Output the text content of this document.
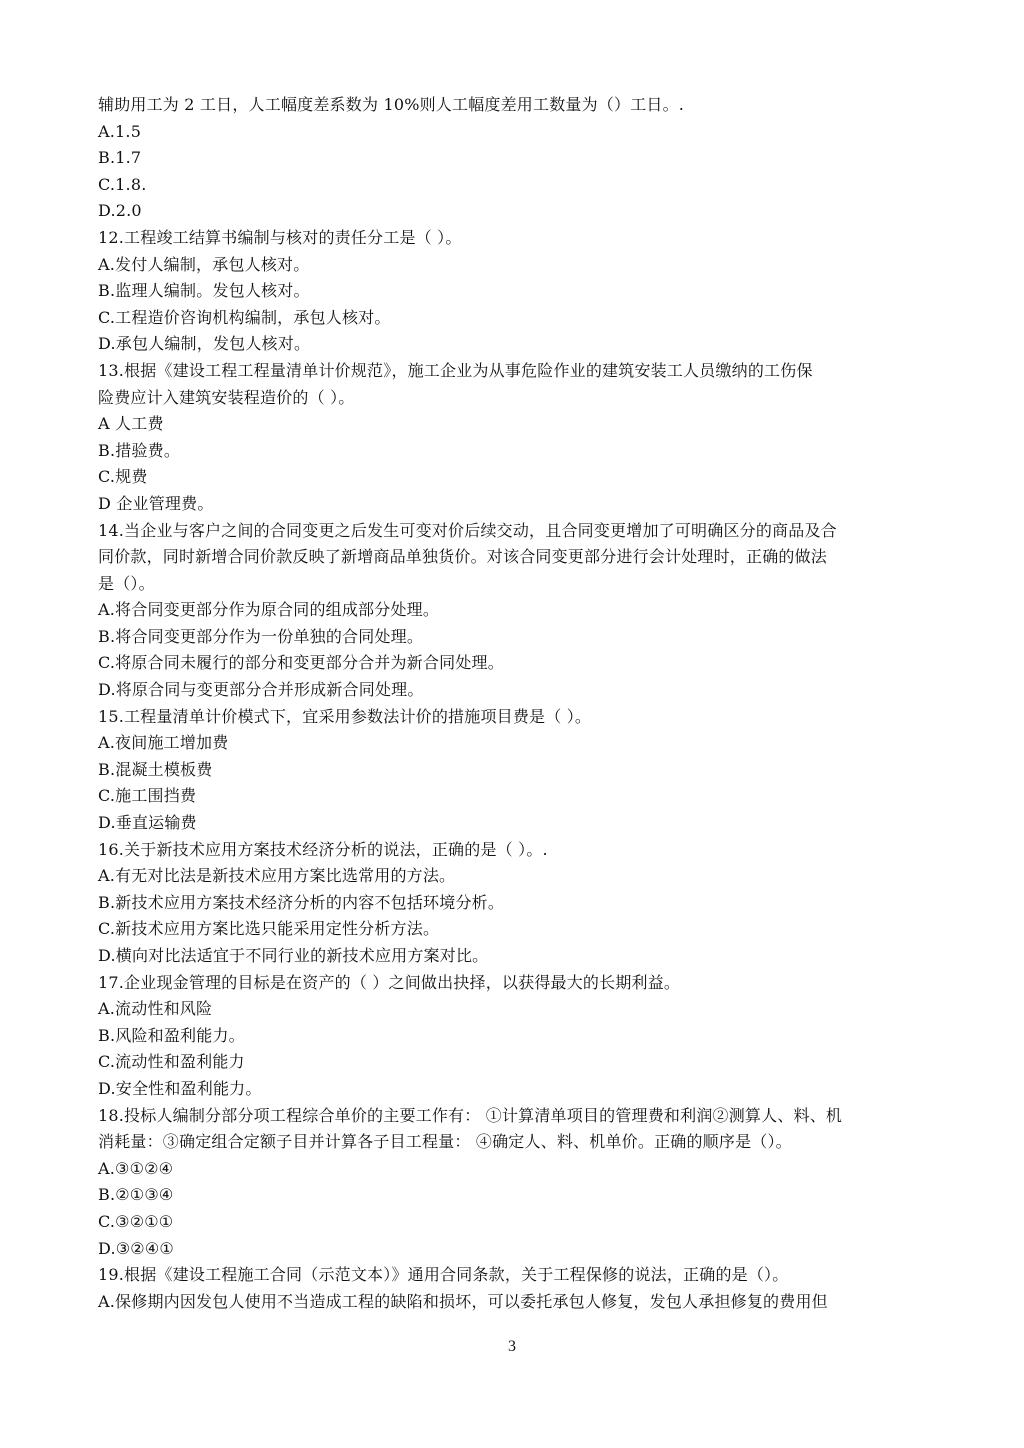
辅助用工为 2 工日，人工幅度差系数为 10%则人工幅度差用工数量为（）工日。.
A.1.5
B.1.7
C.1.8.
D.2.0
12.工程竣工结算书编制与核对的责任分工是（ ）。
A.发付人编制，承包人核对。
B.监理人编制。发包人核对。
C.工程造价咨询机构编制，承包人核对。
D.承包人编制，发包人核对。
13.根据《建设工程工程量清单计价规范》，施工企业为从事危险作业的建筑安装工人员缴纳的工伤保
险费应计入建筑安装程造价的（ ）。
A 人工费
B.措验费。
C.规费
D 企业管理费。
14.当企业与客户之间的合同变更之后发生可变对价后续交动，且合同变更增加了可明确区分的商品及合
同价款，同时新增合同价款反映了新增商品单独货价。对该合同变更部分进行会计处理时，正确的做法
是（）。
A.将合同变更部分作为原合同的组成部分处理。
B.将合同变更部分作为一份单独的合同处理。
C.将原合同未履行的部分和变更部分合并为新合同处理。
D.将原合同与变更部分合并形成新合同处理。
15.工程量清单计价模式下，宜采用参数法计价的措施项目费是（ ）。
A.夜间施工增加费
B.混凝土模板费
C.施工围挡费
D.垂直运输费
16.关于新技术应用方案技术经济分析的说法，正确的是（ ）。.
A.有无对比法是新技术应用方案比选常用的方法。
B.新技术应用方案技术经济分析的内容不包括环境分析。
C.新技术应用方案比选只能采用定性分析方法。
D.横向对比法适宜于不同行业的新技术应用方案对比。
17.企业现金管理的目标是在资产的（ ）之间做出抉择，以获得最大的长期利益。
A.流动性和风险
B.风险和盈利能力。
C.流动性和盈利能力
D.安全性和盈利能力。
18.投标人编制分部分项工程综合单价的主要工作有： ①计算清单项目的管理费和利润②测算人、料、机
消耗量：③确定组合定额子目并计算各子目工程量： ④确定人、料、机单价。正确的顺序是（）。
A.③①②④
B.②①③④
C.③②①①
D.③②④①
19.根据《建设工程施工合同（示范文本）》通用合同条款，关于工程保修的说法，正确的是（）。
A.保修期内因发包人使用不当造成工程的缺陷和损坏，可以委托承包人修复，发包人承担修复的费用但
3
